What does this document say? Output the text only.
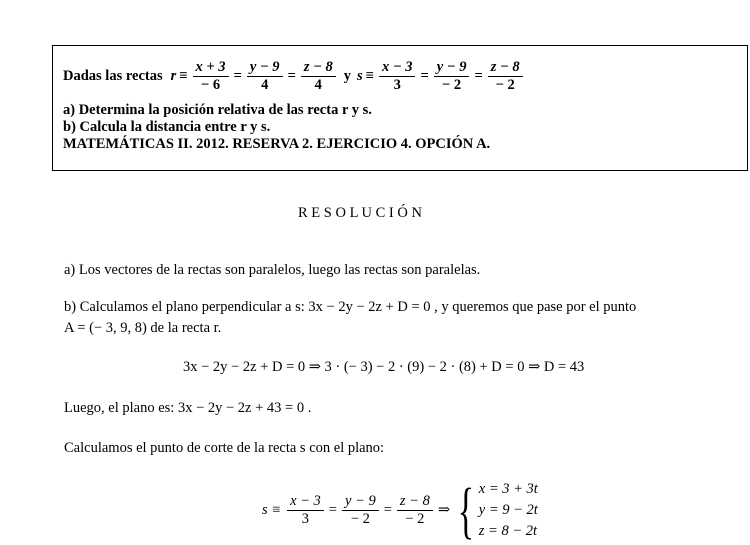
Dadas las rectas $r \equiv \frac{x + 3}{- 6} = \frac{y - 9}{4} = \frac{z - 8}{4}$ y $s \equiv \frac{x - 3}{3} = \frac{y - 9}{- 2} = \frac{z - 8}{- 2}$
a) Determina la posición relativa de las recta r y s.
b) Calcula la distancia entre r y s.
MATEMÁTICAS II. 2012. RESERVA 2. EJERCICIO 4. OPCIÓN A.
R E S O L U C I Ó N
a) Los vectores de la rectas son paralelos, luego las rectas son paralelas.
b) Calculamos el plano perpendicular a s: 3x − 2y − 2z + D = 0 , y queremos que pase por el punto
A = (− 3, 9, 8) de la recta r.
3x − 2y − 2z + D = 0 ⇒ 3 · (− 3) − 2 · (9) − 2 · (8) + D = 0 ⇒ D = 43
Luego, el plano es: 3x − 2y − 2z + 43 = 0 .
Calculamos el punto de corte de la recta s con el plano:
$s \equiv \frac{x - 3}{3} = \frac{y - 9}{- 2} = \frac{z - 8}{- 2}$ ⇒ { x = 3 + 3t
y = 9 − 2t
z = 8 − 2t
